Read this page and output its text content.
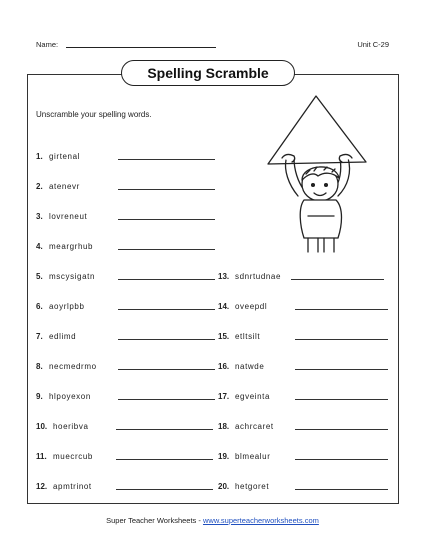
Name:	Unit C-29
Spelling Scramble
Unscramble your spelling words.
Super Teacher Worksheets - www.superteacherworksheets.com
1. girtenal
2. atenevr
3. lovreneut
4. meargrhub
5. mscysigatn
6. aoyrlpbb
7. edlimd
8. necmedrmo
9. hlpoyexon
10. hoeribva
11. muecrcub
12. apmtrinot
13. sdnrtudnae
14. oveepdl
15. etltsilt
16. natwde
17. egveinta
18. achrcaret
19. blmealur
20. hetgoret
